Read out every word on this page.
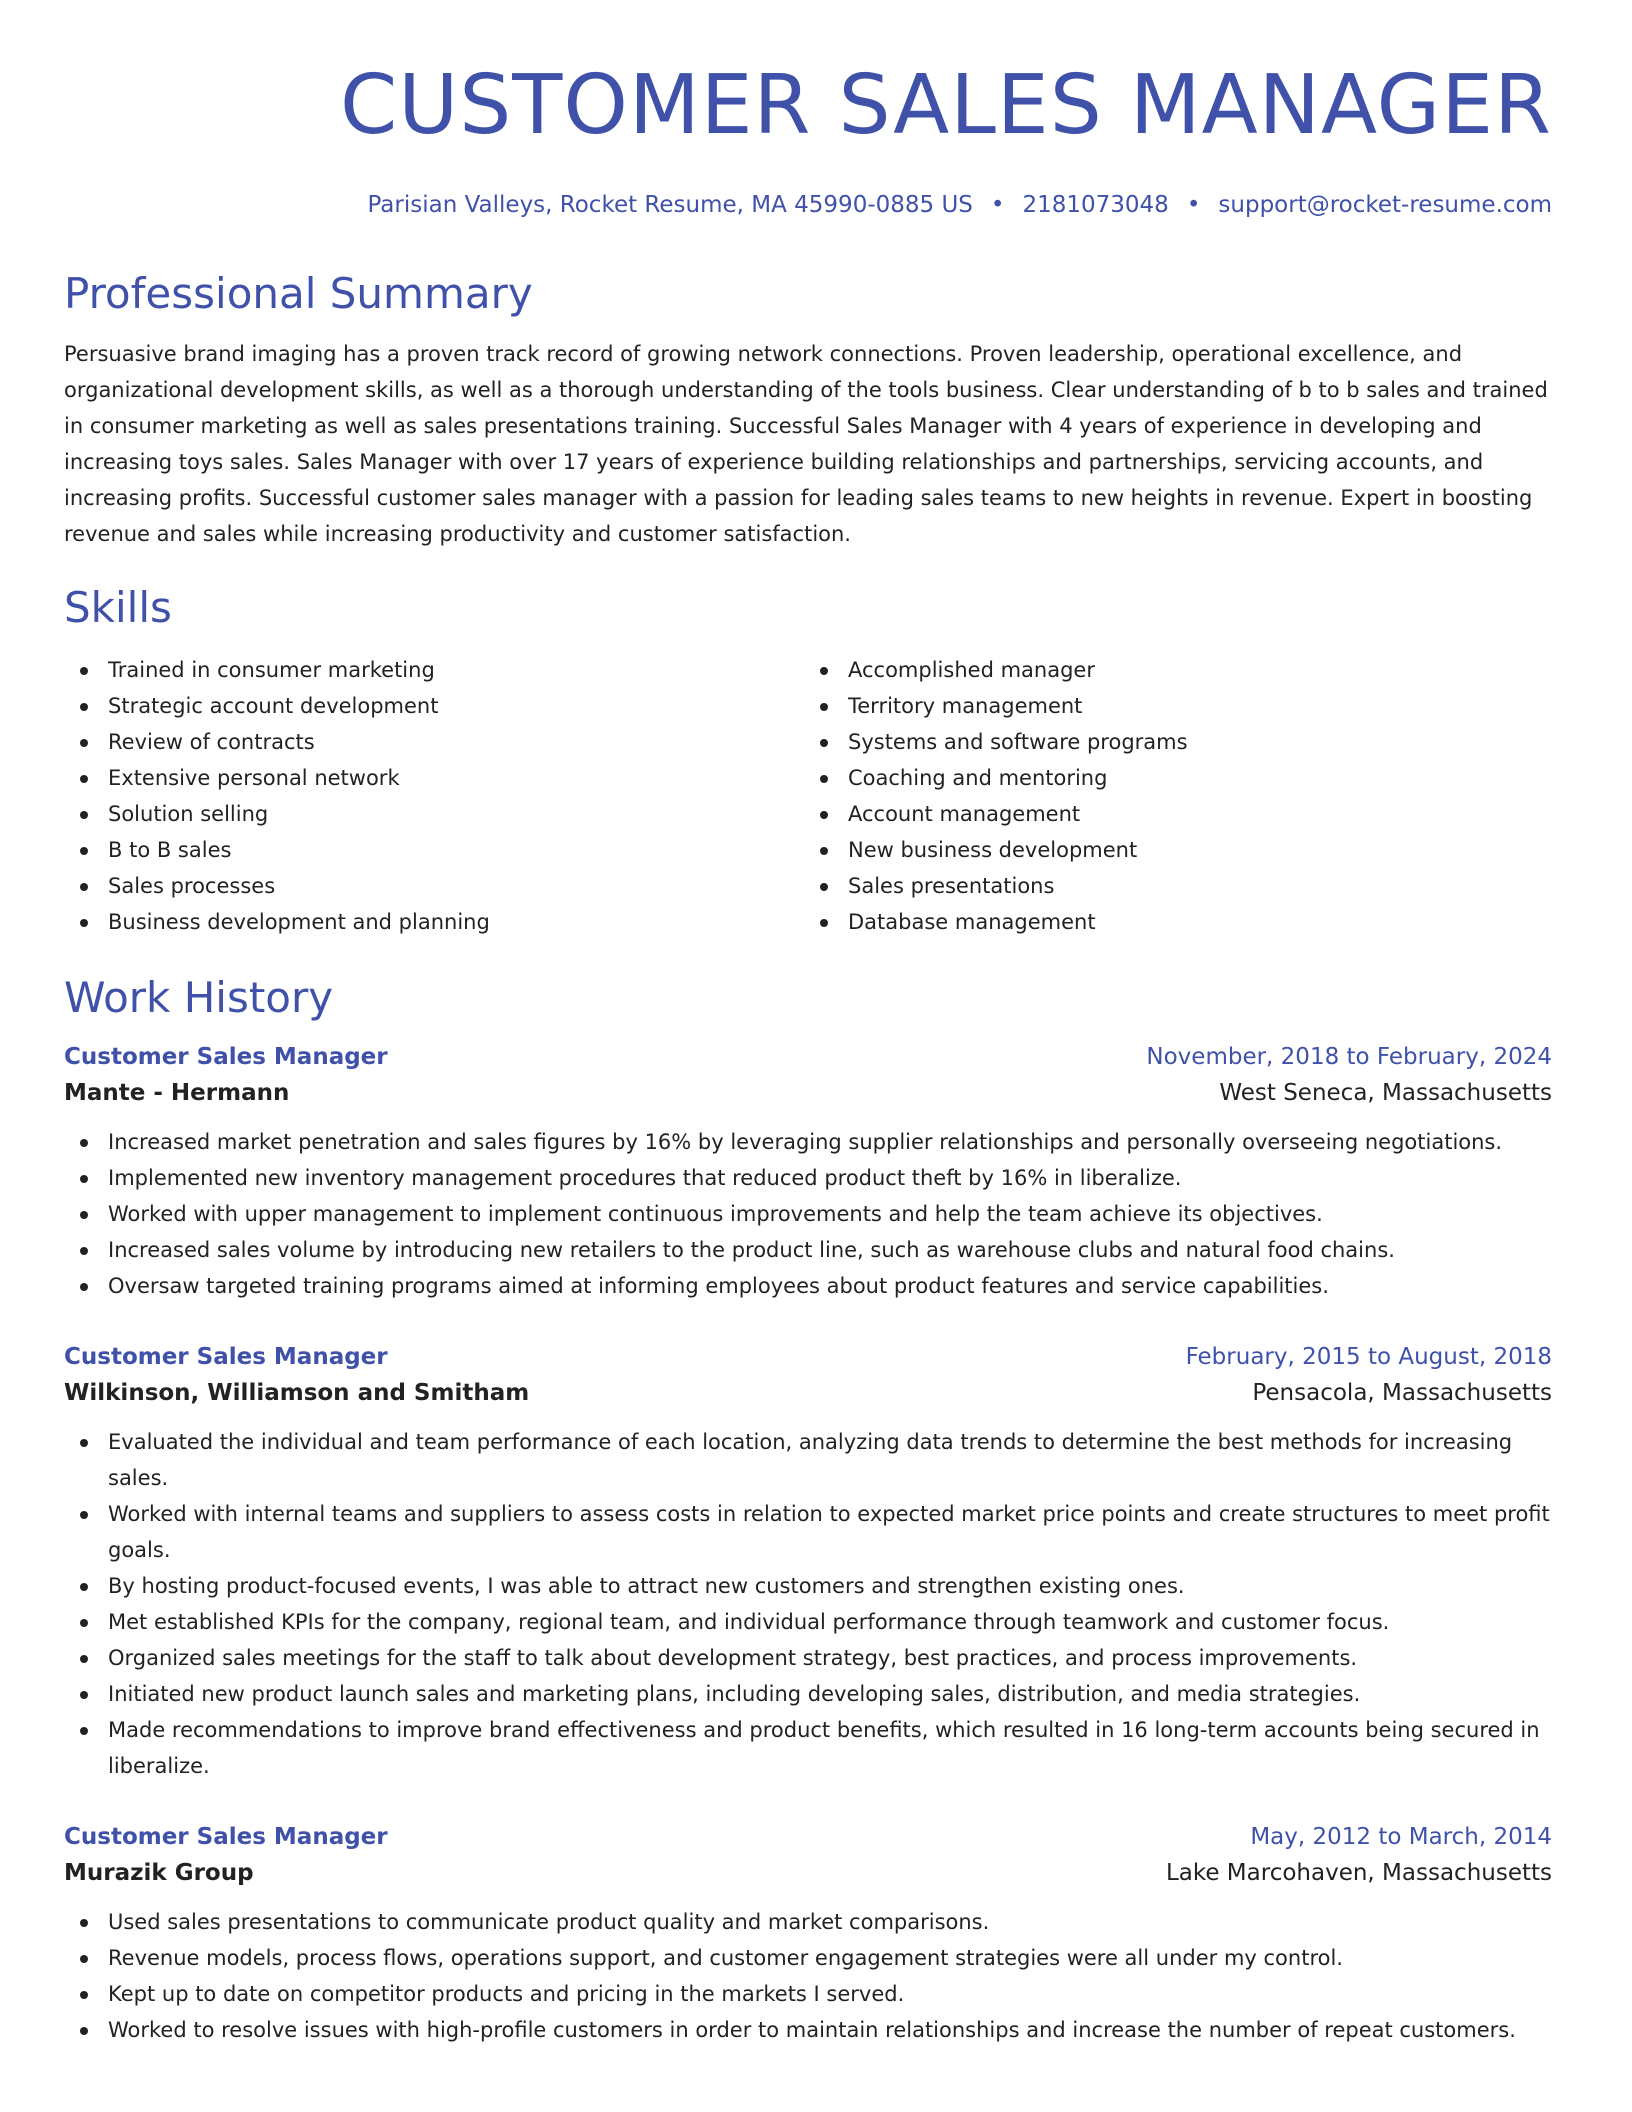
CUSTOMER SALES MANAGER
Parisian Valleys, Rocket Resume, MA 45990-0885 US • 2181073048 • support@rocket-resume.com
Professional Summary

Persuasive brand imaging has a proven track record of growing network connections. Proven leadership, operational excellence, and organizational development skills, as well as a thorough understanding of the tools business. Clear understanding of b to b sales and trained in consumer marketing as well as sales presentations training. Successful Sales Manager with 4 years of experience in developing and increasing toys sales. Sales Manager with over 17 years of experience building relationships and partnerships, servicing accounts, and increasing profits. Successful customer sales manager with a passion for leading sales teams to new heights in revenue. Expert in boosting revenue and sales while increasing productivity and customer satisfaction.

Skills
Trained in consumer marketing
Strategic account development
Review of contracts
Extensive personal network
Solution selling
B to B sales
Sales processes
Business development and planning
Accomplished manager
Territory management
Systems and software programs
Coaching and mentoring
Account management
New business development
Sales presentations
Database management
Work History
Customer Sales Manager	November, 2018 to February, 2024
Mante - Hermann	West Seneca, Massachusetts
Increased market penetration and sales figures by 16% by leveraging supplier relationships and personally overseeing negotiations.
Implemented new inventory management procedures that reduced product theft by 16% in liberalize.
Worked with upper management to implement continuous improvements and help the team achieve its objectives.
Increased sales volume by introducing new retailers to the product line, such as warehouse clubs and natural food chains.
Oversaw targeted training programs aimed at informing employees about product features and service capabilities.
Customer Sales Manager	February, 2015 to August, 2018
Wilkinson, Williamson and Smitham	Pensacola, Massachusetts
Evaluated the individual and team performance of each location, analyzing data trends to determine the best methods for increasing sales.
Worked with internal teams and suppliers to assess costs in relation to expected market price points and create structures to meet profit goals.
By hosting product-focused events, I was able to attract new customers and strengthen existing ones.
Met established KPIs for the company, regional team, and individual performance through teamwork and customer focus.
Organized sales meetings for the staff to talk about development strategy, best practices, and process improvements.
Initiated new product launch sales and marketing plans, including developing sales, distribution, and media strategies.
Made recommendations to improve brand effectiveness and product benefits, which resulted in 16 long-term accounts being secured in liberalize.
Customer Sales Manager	May, 2012 to March, 2014
Murazik Group	Lake Marcohaven, Massachusetts
Used sales presentations to communicate product quality and market comparisons.
Revenue models, process flows, operations support, and customer engagement strategies were all under my control.
Kept up to date on competitor products and pricing in the markets I served.
Worked to resolve issues with high-profile customers in order to maintain relationships and increase the number of repeat customers.
